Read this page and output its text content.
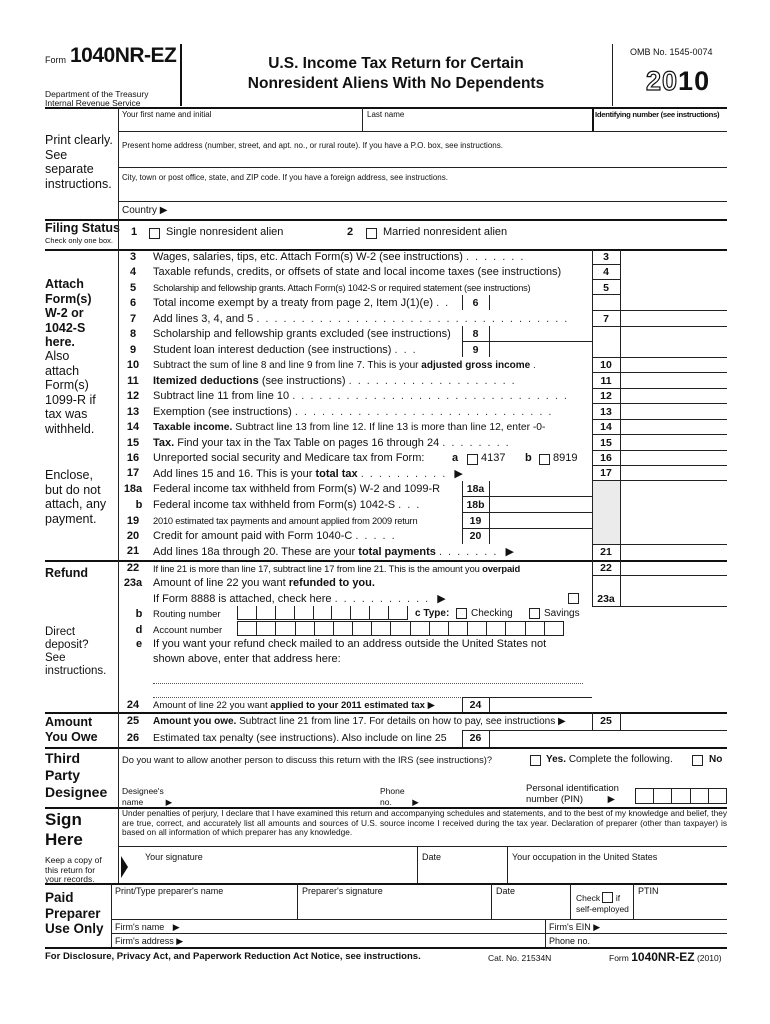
Form 1040NR-EZ
Department of the Treasury
Internal Revenue Service
U.S. Income Tax Return for Certain
Nonresident Aliens With No Dependents
OMB No. 1545-0074
2010
Your first name and initial	Last name	Identifying number (see instructions)
Print clearly.
See
separate
instructions.
Present home address (number, street, and apt. no., or rural route). If you have a P.O. box, see instructions.
City, town or post office, state, and ZIP code. If you have a foreign address, see instructions.
Country ▶
Filing Status
Check only one box.
1	Single nonresident alien	2	Married nonresident alien
Attach
Form(s)
W-2 or
1042-S
here.
Also
attach
Form(s)
1099-R if
tax was
withheld.
Enclose,
but do not
attach, any
payment.
3	Wages, salaries, tips, etc. Attach Form(s) W-2 (see instructions) .......	3
4	Taxable refunds, credits, or offsets of state and local income taxes (see instructions)	4
5	Scholarship and fellowship grants. Attach Form(s) 1042-S or required statement (see instructions)	5
6	Total income exempt by a treaty from page 2, Item J(1)(e) ..	6
7	Add lines 3, 4, and 5 ...................................	7
8	Scholarship and fellowship grants excluded (see instructions)	8
9	Student loan interest deduction (see instructions) ...	9
10	Subtract the sum of line 8 and line 9 from line 7. This is your adjusted gross income .	10
11	Itemized deductions (see instructions) ...................	11
12	Subtract line 11 from line 10 ...............................	12
13	Exemption (see instructions) .............................	13
14	Taxable income. Subtract line 13 from line 12. If line 13 is more than line 12, enter -0-	14
15	Tax. Find your tax in the Tax Table on pages 16 through 24 ........	15
16	Unreported social security and Medicare tax from Form:	a 4137 b 8919	16
17	Add lines 15 and 16. This is your total tax .......... ▶	17
18a Federal income tax withheld from Form(s) W-2 and 1099-R	18a
b Federal income tax withheld from Form(s) 1042-S ...	18b
19	2010 estimated tax payments and amount applied from 2009 return	19
20	Credit for amount paid with Form 1040-C .....	20
21	Add lines 18a through 20. These are your total payments ....... ▶	21
Refund
Direct
deposit?
See
instructions.
22	If line 21 is more than line 17, subtract line 17 from line 21. This is the amount you overpaid	22
23a Amount of line 22 you want refunded to you.
If Form 8888 is attached, check here ........... ▶	23a
b	Routing number	c Type: Checking	Savings
d	Account number
e If you want your refund check mailed to an address outside the United States not
shown above, enter that address here:
24	Amount of line 22 you want applied to your 2011 estimated tax ▶	24
Amount
You Owe
25	Amount you owe. Subtract line 21 from line 17. For details on how to pay, see instructions ▶	25
26	Estimated tax penalty (see instructions). Also include on line 25	26
Third
Party
Designee
Do you want to allow another person to discuss this return with the IRS (see instructions)?	Yes. Complete the following.	No
Designee's
name	▶
Phone
no. ▶
Personal identification
number (PIN)	▶
Sign
Here
Keep a copy of
this return for
your records.
Under penalties of perjury, I declare that I have examined this return and accompanying schedules and statements, and to the best of my knowledge and belief, they are true, correct, and accurately list all amounts and sources of U.S. source income I received during the tax year. Declaration of preparer (other than taxpayer) is based on all information of which preparer has any knowledge.
Your signature	Date	Your occupation in the United States
Paid
Preparer
Use Only
Print/Type preparer's name	Preparer's signature	Date
Check if
self-employed
PTIN
Firm's name ▶	Firm's EIN ▶
Firm's address ▶	Phone no.
For Disclosure, Privacy Act, and Paperwork Reduction Act Notice, see instructions.	Cat. No. 21534N	Form 1040NR-EZ (2010)
